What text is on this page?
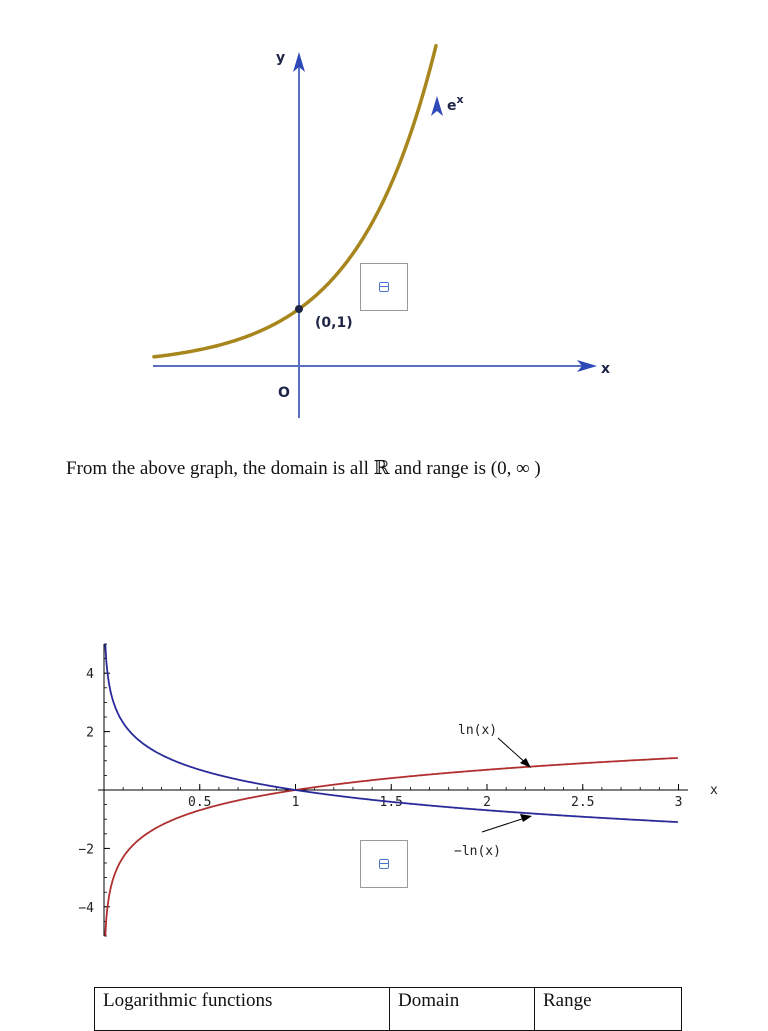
y
x
O
(0,1)
$e^x$
From the above graph, the domain is all ℝ and range is (0, ∞ )
0.5	1	1.5	2	2.5	3
4
2
−2
−4
ln(x)
−ln(x)
x
Logarithmic functions	Domain	Range
